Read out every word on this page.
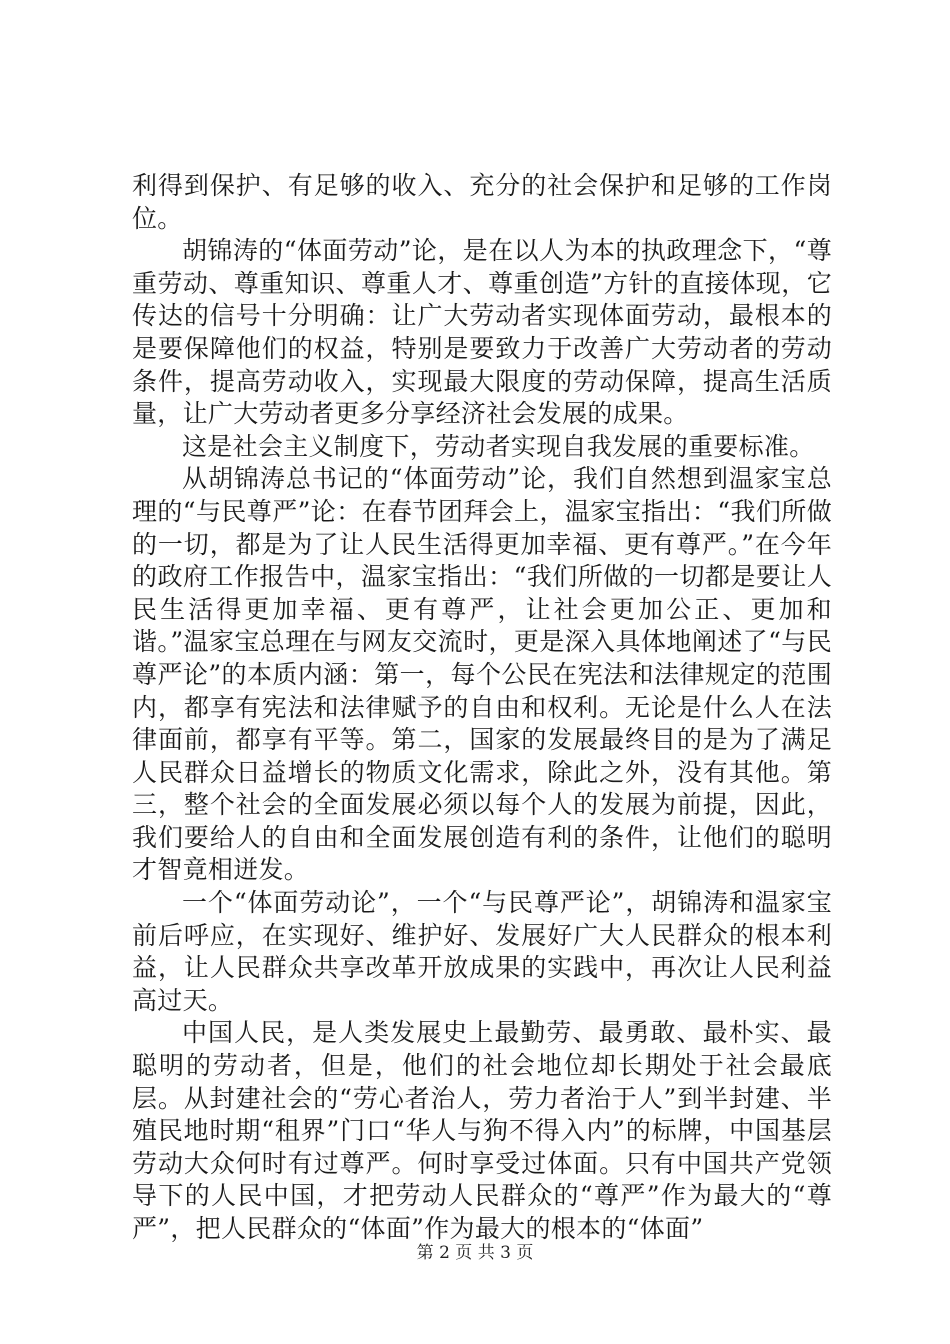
利得到保护、有足够的收入、充分的社会保护和足够的工作岗位。

胡锦涛的“体面劳动”论，是在以人为本的执政理念下，“尊重劳动、尊重知识、尊重人才、尊重创造”方针的直接体现，它传达的信号十分明确：让广大劳动者实现体面劳动，最根本的是要保障他们的权益，特别是要致力于改善广大劳动者的劳动条件，提高劳动收入，实现最大限度的劳动保障，提高生活质量，让广大劳动者更多分享经济社会发展的成果。

这是社会主义制度下，劳动者实现自我发展的重要标准。

从胡锦涛总书记的“体面劳动”论，我们自然想到温家宝总理的“与民尊严”论：在春节团拜会上，温家宝指出：“我们所做的一切，都是为了让人民生活得更加幸福、更有尊严。”在今年的政府工作报告中，温家宝指出：“我们所做的一切都是要让人民生活得更加幸福、更有尊严，让社会更加公正、更加和谐。”温家宝总理在与网友交流时，更是深入具体地阐述了“与民尊严论”的本质内涵：第一，每个公民在宪法和法律规定的范围内，都享有宪法和法律赋予的自由和权利。无论是什么人在法律面前，都享有平等。第二，国家的发展最终目的是为了满足人民群众日益增长的物质文化需求，除此之外，没有其他。第三，整个社会的全面发展必须以每个人的发展为前提，因此，我们要给人的自由和全面发展创造有利的条件，让他们的聪明才智竟相迸发。

一个“体面劳动论”，一个“与民尊严论”，胡锦涛和温家宝前后呼应，在实现好、维护好、发展好广大人民群众的根本利益，让人民群众共享改革开放成果的实践中，再次让人民利益高过天。

中国人民，是人类发展史上最勤劳、最勇敢、最朴实、最聪明的劳动者，但是，他们的社会地位却长期处于社会最底层。从封建社会的“劳心者治人，劳力者治于人”到半封建、半殖民地时期“租界”门口“华人与狗不得入内”的标牌，中国基层劳动大众何时有过尊严。何时享受过体面。只有中国共产党领导下的人民中国，才把劳动人民群众的“尊严”作为最大的“尊严”，把人民群众的“体面”作为最大的根本的“体面”

第 2 页 共 3 页
